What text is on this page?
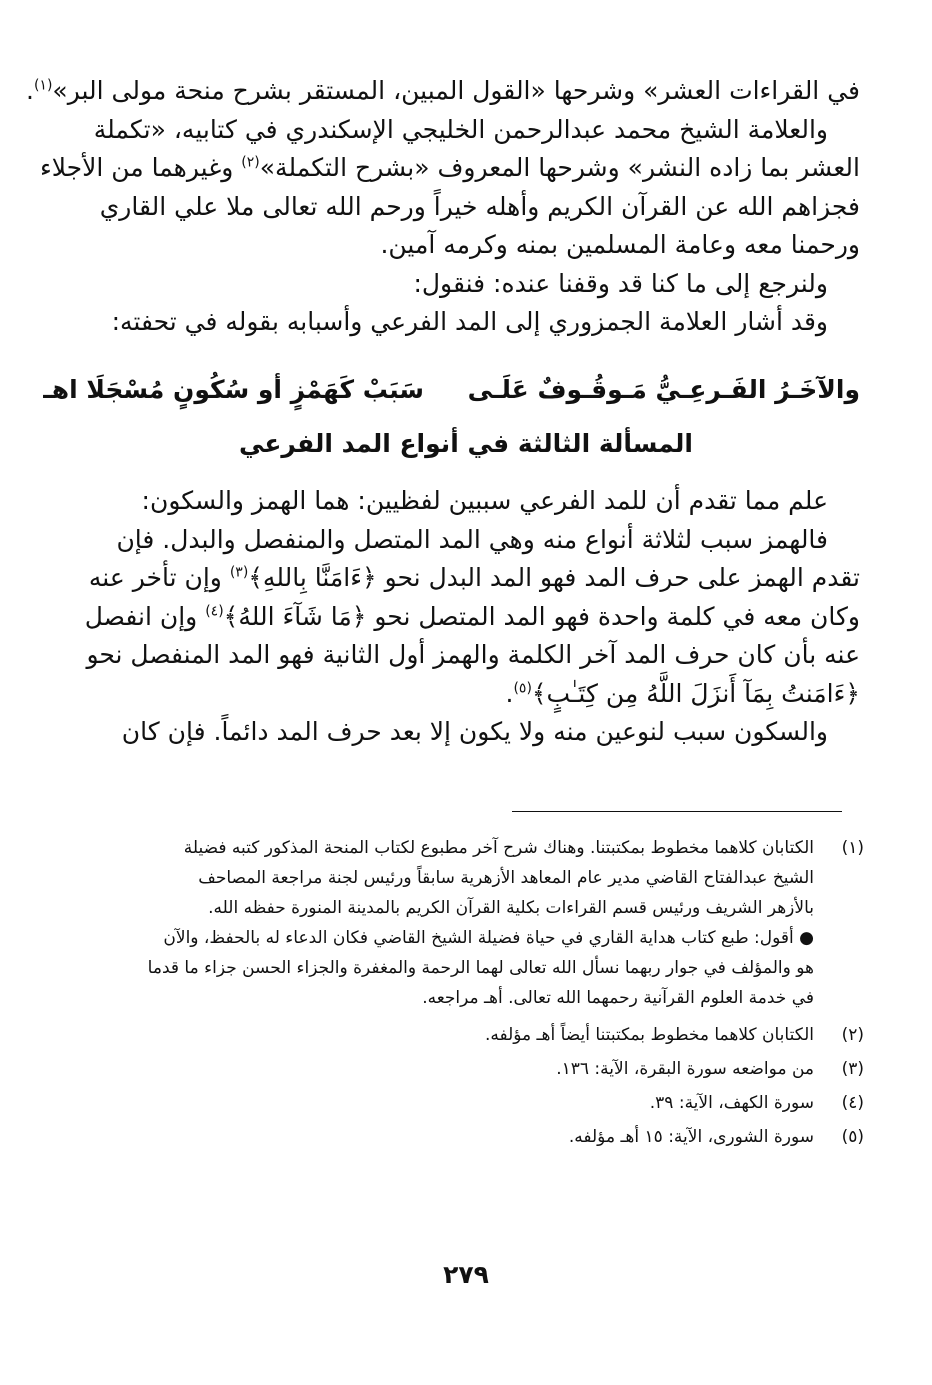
في القراءات العشر» وشرحها «القول المبين، المستقر بشرح منحة مولى البر»$^{(١)}$.
والعلامة الشيخ محمد عبدالرحمن الخليجي الإسكندري في كتابيه، «تكملة
العشر بما زاده النشر» وشرحها المعروف «بشرح التكملة»$^{(٢)}$ وغيرهما من الأجلاء
فجزاهم الله عن القرآن الكريم وأهله خيراً ورحم الله تعالى ملا علي القاري
ورحمنا معه وعامة المسلمين بمنه وكرمه آمين.
ولنرجع إلى ما كنا قد وقفنا عنده: فنقول:
وقد أشار العلامة الجمزوري إلى المد الفرعي وأسبابه بقوله في تحفته:
والآخَـرُ الفَـرعِـيُّ مَـوقُـوفٌ عَلَـى
سَبَبْ كَهَمْزٍ أو سُكُونٍ مُسْجَلَا اهـ
المسألة الثالثة في أنواع المد الفرعي
علم مما تقدم أن للمد الفرعي سببين لفظيين: هما الهمز والسكون:
فالهمز سبب لثلاثة أنواع منه وهي المد المتصل والمنفصل والبدل. فإن
تقدم الهمز على حرف المد فهو المد البدل نحو ﴿ءَامَنَّا بِاللهِ﴾$^{(٣)}$ وإن تأخر عنه
وكان معه في كلمة واحدة فهو المد المتصل نحو ﴿مَا شَآءَ اللهُ﴾$^{(٤)}$ وإن انفصل
عنه بأن كان حرف المد آخر الكلمة والهمز أول الثانية فهو المد المنفصل نحو
﴿ءَامَنتُ بِمَآ أَنزَلَ اللَّهُ مِن كِتَـٰبٍ﴾$^{(٥)}$.
والسكون سبب لنوعين منه ولا يكون إلا بعد حرف المد دائماً. فإن كان
(١)
الكتابان كلاهما مخطوط بمكتبتنا. وهناك شرح آخر مطبوع لكتاب المنحة المذكور كتبه فضيلة
الشيخ عبدالفتاح القاضي مدير عام المعاهد الأزهرية سابقاً ورئيس لجنة مراجعة المصاحف
بالأزهر الشريف ورئيس قسم القراءات بكلية القرآن الكريم بالمدينة المنورة حفظه الله.
● أقول: طبع كتاب هداية القاري في حياة فضيلة الشيخ القاضي فكان الدعاء له بالحفظ، والآن
هو والمؤلف في جوار ربهما نسأل الله تعالى لهما الرحمة والمغفرة والجزاء الحسن جزاء ما قدما
في خدمة العلوم القرآنية رحمهما الله تعالى. أهـ مراجعه.
(٢)
الكتابان كلاهما مخطوط بمكتبتنا أيضاً أهـ مؤلفه.
(٣)
من مواضعه سورة البقرة، الآية: ١٣٦.
(٤)
سورة الكهف، الآية: ٣٩.
(٥)
سورة الشورى، الآية: ١٥ أهـ مؤلفه.
٢٧٩
